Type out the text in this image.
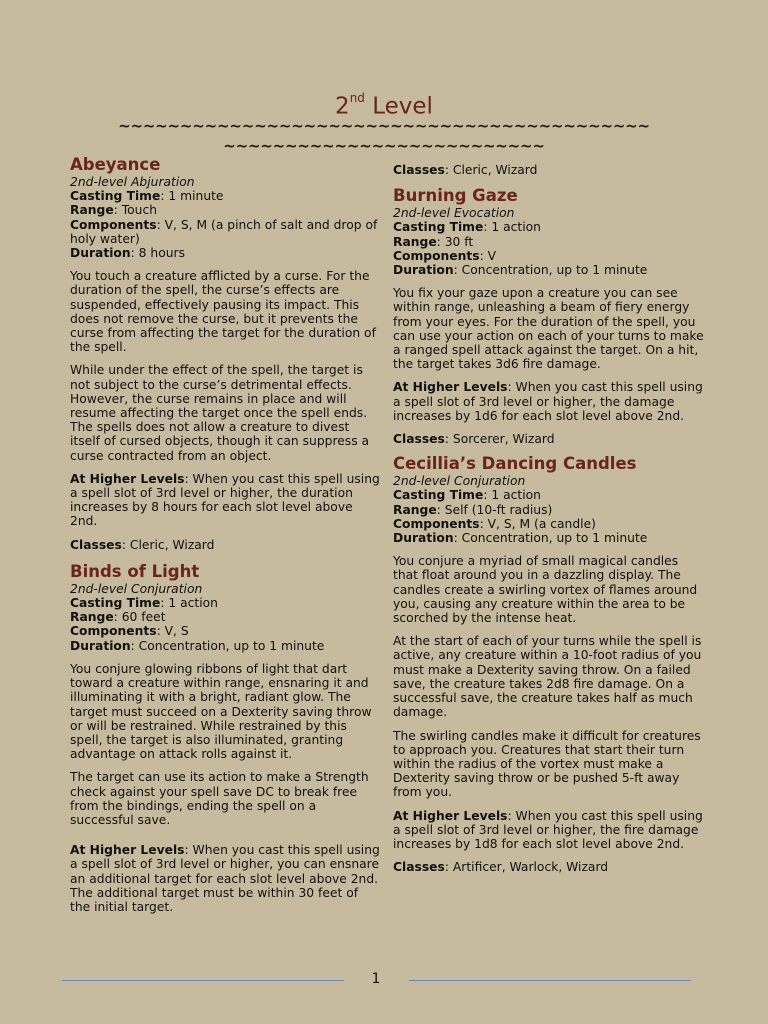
2nd Level
~~~~~~~~~~~~~~~~~~~~~~~~~~~~~~~~~~~~~~~~~~~
~~~~~~~~~~~~~~~~~~~~~~~~~~
Abeyance
2nd-level Abjuration
Casting Time: 1 minute
Range: Touch
Components: V, S, M (a pinch of salt and drop of holy water)
Duration: 8 hours

You touch a creature afflicted by a curse. For the duration of the spell, the curse’s effects are suspended, effectively pausing its impact. This does not remove the curse, but it prevents the curse from affecting the target for the duration of the spell.

While under the effect of the spell, the target is not subject to the curse’s detrimental effects. However, the curse remains in place and will resume affecting the target once the spell ends. The spells does not allow a creature to divest itself of cursed objects, though it can suppress a curse contracted from an object.

At Higher Levels: When you cast this spell using a spell slot of 3rd level or higher, the duration increases by 8 hours for each slot level above 2nd.

Classes: Cleric, Wizard

Binds of Light
2nd-level Conjuration
Casting Time: 1 action
Range: 60 feet
Components: V, S
Duration: Concentration, up to 1 minute

You conjure glowing ribbons of light that dart toward a creature within range, ensnaring it and illuminating it with a bright, radiant glow. The target must succeed on a Dexterity saving throw or will be restrained. While restrained by this spell, the target is also illuminated, granting advantage on attack rolls against it.

The target can use its action to make a Strength check against your spell save DC to break free from the bindings, ending the spell on a successful save.

At Higher Levels: When you cast this spell using a spell slot of 3rd level or higher, you can ensnare an additional target for each slot level above 2nd. The additional target must be within 30 feet of the initial target.

Classes: Cleric, Wizard

Burning Gaze
2nd-level Evocation
Casting Time: 1 action
Range: 30 ft
Components: V
Duration: Concentration, up to 1 minute

You fix your gaze upon a creature you can see within range, unleashing a beam of fiery energy from your eyes. For the duration of the spell, you can use your action on each of your turns to make a ranged spell attack against the target. On a hit, the target takes 3d6 fire damage.

At Higher Levels: When you cast this spell using a spell slot of 3rd level or higher, the damage increases by 1d6 for each slot level above 2nd.

Classes: Sorcerer, Wizard

Cecillia’s Dancing Candles
2nd-level Conjuration
Casting Time: 1 action
Range: Self (10-ft radius)
Components: V, S, M (a candle)
Duration: Concentration, up to 1 minute

You conjure a myriad of small magical candles that float around you in a dazzling display. The candles create a swirling vortex of flames around you, causing any creature within the area to be scorched by the intense heat.

At the start of each of your turns while the spell is active, any creature within a 10-foot radius of you must make a Dexterity saving throw. On a failed save, the creature takes 2d8 fire damage. On a successful save, the creature takes half as much damage.

The swirling candles make it difficult for creatures to approach you. Creatures that start their turn within the radius of the vortex must make a Dexterity saving throw or be pushed 5-ft away from you.

At Higher Levels: When you cast this spell using a spell slot of 3rd level or higher, the fire damage increases by 1d8 for each slot level above 2nd.

Classes: Artificer, Warlock, Wizard

1
